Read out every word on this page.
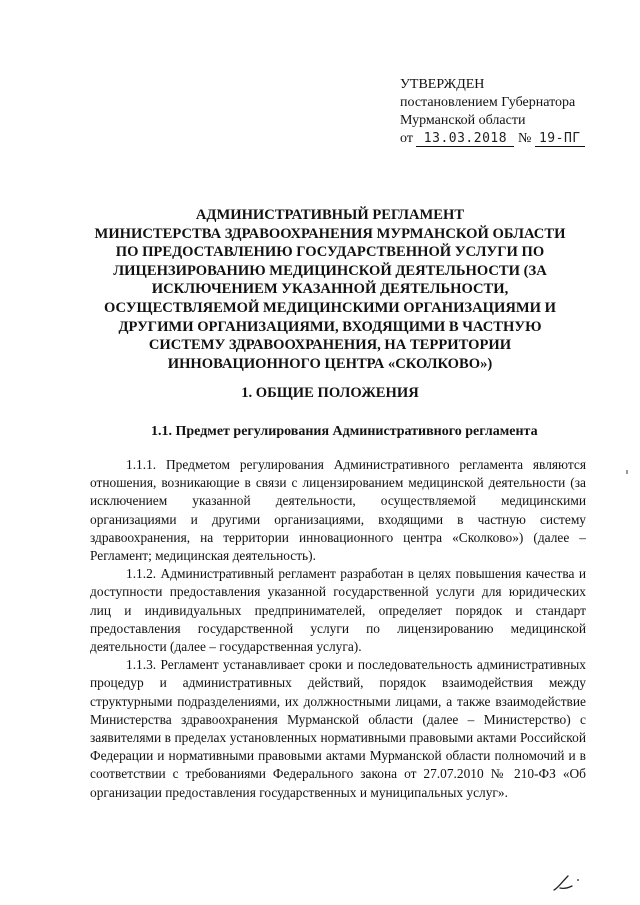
УТВЕРЖДЕН
постановлением Губернатора
Мурманской области
от 13.03.2018 № 19-ПГ
АДМИНИСТРАТИВНЫЙ РЕГЛАМЕНТ
МИНИСТЕРСТВА ЗДРАВООХРАНЕНИЯ МУРМАНСКОЙ ОБЛАСТИ
ПО ПРЕДОСТАВЛЕНИЮ ГОСУДАРСТВЕННОЙ УСЛУГИ ПО
ЛИЦЕНЗИРОВАНИЮ МЕДИЦИНСКОЙ ДЕЯТЕЛЬНОСТИ (ЗА
ИСКЛЮЧЕНИЕМ УКАЗАННОЙ ДЕЯТЕЛЬНОСТИ,
ОСУЩЕСТВЛЯЕМОЙ МЕДИЦИНСКИМИ ОРГАНИЗАЦИЯМИ И
ДРУГИМИ ОРГАНИЗАЦИЯМИ, ВХОДЯЩИМИ В ЧАСТНУЮ
СИСТЕМУ ЗДРАВООХРАНЕНИЯ, НА ТЕРРИТОРИИ
ИННОВАЦИОННОГО ЦЕНТРА «СКОЛКОВО»)
1. ОБЩИЕ ПОЛОЖЕНИЯ
1.1. Предмет регулирования Административного регламента

1.1.1. Предметом регулирования Административного регламента являются отношения, возникающие в связи с лицензированием медицинской деятельности (за исключением указанной деятельности, осуществляемой медицинскими организациями и другими организациями, входящими в частную систему здравоохранения, на территории инновационного центра «Сколково») (далее – Регламент; медицинская деятельность).

1.1.2. Административный регламент разработан в целях повышения качества и доступности предоставления указанной государственной услуги для юридических лиц и индивидуальных предпринимателей, определяет порядок и стандарт предоставления государственной услуги по лицензированию медицинской деятельности (далее – государственная услуга).

1.1.3. Регламент устанавливает сроки и последовательность административных процедур и административных действий, порядок взаимодействия между структурными подразделениями, их должностными лицами, а также взаимодействие Министерства здравоохранения Мурманской области (далее – Министерство) с заявителями в пределах установленных нормативными правовыми актами Российской Федерации и нормативными правовыми актами Мурманской области полномочий и в соответствии с требованиями Федерального закона от 27.07.2010 № 210-ФЗ «Об организации предоставления государственных и муниципальных услуг».
